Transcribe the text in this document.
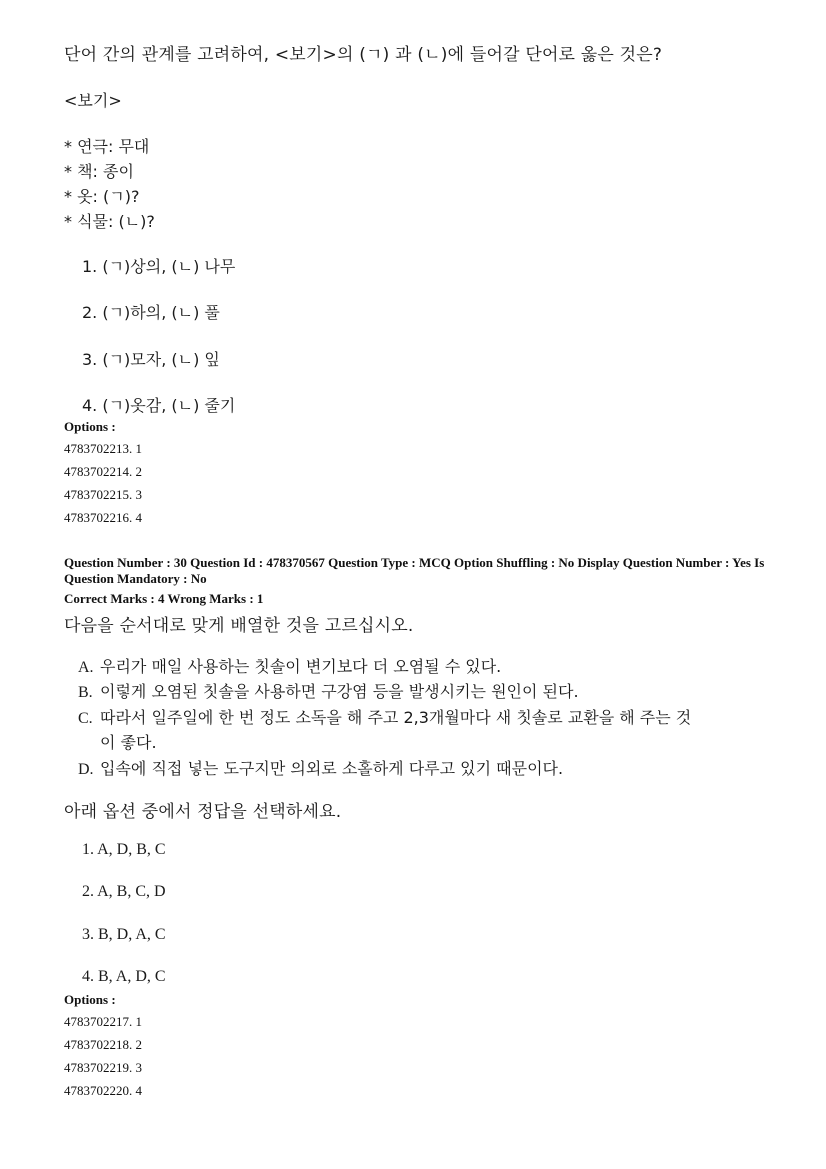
단어 간의 관계를 고려하여, <보기>의 (ㄱ) 과 (ㄴ)에 들어갈 단어로 옳은 것은?
<보기>
* 연극: 무대
* 책: 종이
* 옷: (ㄱ)?
* 식물: (ㄴ)?
1. (ㄱ)상의, (ㄴ) 나무
2. (ㄱ)하의, (ㄴ) 풀
3. (ㄱ)모자, (ㄴ) 잎
4. (ㄱ)옷감, (ㄴ) 줄기
Options :
4783702213. 1
4783702214. 2
4783702215. 3
4783702216. 4
Question Number : 30 Question Id : 478370567 Question Type : MCQ Option Shuffling : No Display Question Number : Yes Is Question Mandatory : No
Correct Marks : 4 Wrong Marks : 1
다음을 순서대로 맞게 배열한 것을 고르십시오.
A. 우리가 매일 사용하는 칫솔이 변기보다 더 오염될 수 있다.
B. 이렇게 오염된 칫솔을 사용하면 구강염 등을 발생시키는 원인이 된다.
C. 따라서 일주일에 한 번 정도 소독을 해 주고 2,3개월마다 새 칫솔로 교환을 해 주는 것
이 좋다.
D. 입속에 직접 넣는 도구지만 의외로 소홀하게 다루고 있기 때문이다.
아래 옵션 중에서 정답을 선택하세요.
1. A, D, B, C
2. A, B, C, D
3. B, D, A, C
4. B, A, D, C
Options :
4783702217. 1
4783702218. 2
4783702219. 3
4783702220. 4
